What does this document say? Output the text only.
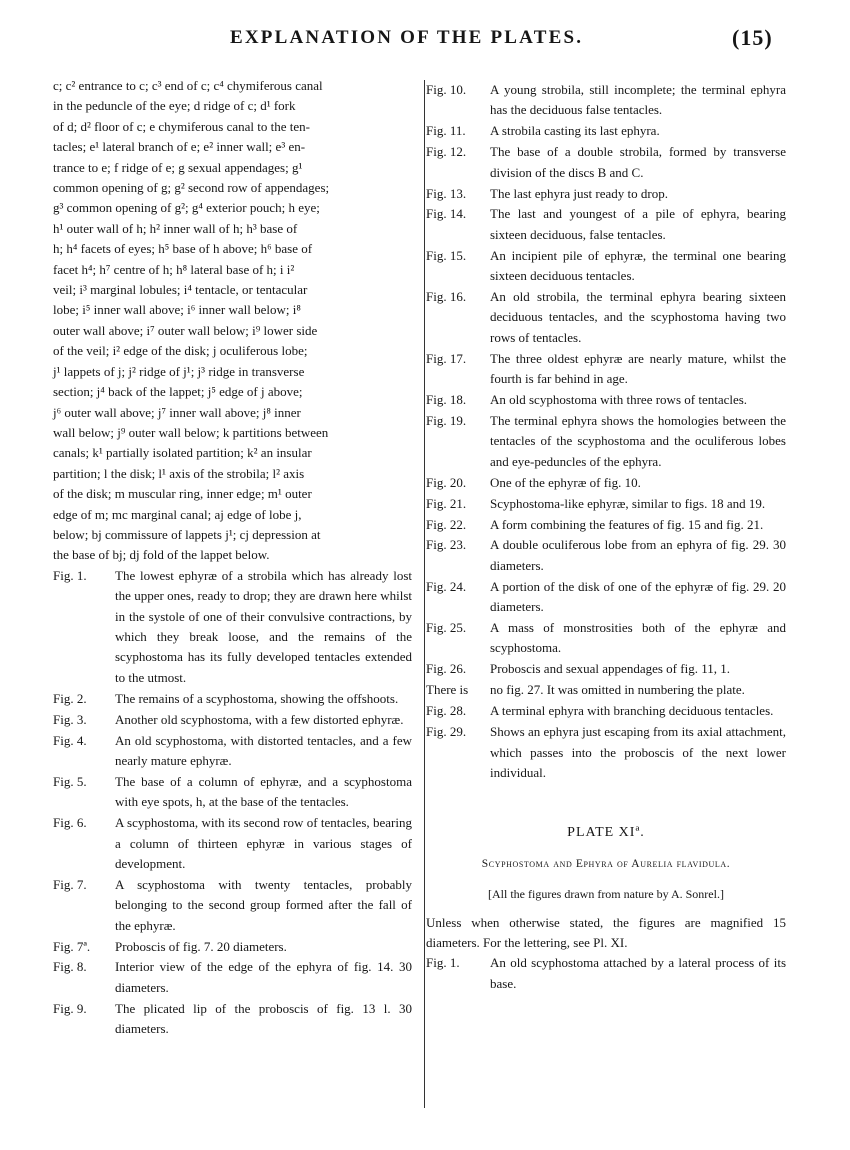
EXPLANATION OF THE PLATES.	(15)
c; c² entrance to c; c³ end of c; c⁴ chymiferous canal
in the peduncle of the eye; d ridge of c; d¹ fork
of d; d² floor of c; e chymiferous canal to the ten-
tacles; e¹ lateral branch of e; e² inner wall; e³ en-
trance to e; f ridge of e; g sexual appendages; g¹
common opening of g; g² second row of appendages;
g³ common opening of g²; g⁴ exterior pouch; h eye;
h¹ outer wall of h; h² inner wall of h; h³ base of
h; h⁴ facets of eyes; h⁵ base of h above; h⁶ base of
facet h⁴; h⁷ centre of h; h⁸ lateral base of h; i i²
veil; i³ marginal lobules; i⁴ tentacle, or tentacular
lobe; i⁵ inner wall above; i⁶ inner wall below; i⁸
outer wall above; i⁷ outer wall below; i⁹ lower side
of the veil; i² edge of the disk; j oculiferous lobe;
j¹ lappets of j; j² ridge of j¹; j³ ridge in transverse
section; j⁴ back of the lappet; j⁵ edge of j above;
j⁶ outer wall above; j⁷ inner wall above; j⁸ inner
wall below; j⁹ outer wall below; k partitions between
canals; k¹ partially isolated partition; k² an insular
partition; l the disk; l¹ axis of the strobila; l² axis
of the disk; m muscular ring, inner edge; m¹ outer
edge of m; mc marginal canal; aj edge of lobe j,
below; bj commissure of lappets j¹; cj depression at
the base of bj; dj fold of the lappet below.
Fig. 1.	The lowest ephyræ of a strobila which has already lost the upper ones, ready to drop; they are drawn here whilst in the systole of one of their convulsive contractions, by which they break loose, and the remains of the scyphostoma has its fully developed tentacles extended to the utmost.
Fig. 2.	The remains of a scyphostoma, showing the offshoots.
Fig. 3.	Another old scyphostoma, with a few distorted ephyræ.
Fig. 4.	An old scyphostoma, with distorted tentacles, and a few nearly mature ephyræ.
Fig. 5.	The base of a column of ephyræ, and a scyphostoma with eye spots, h, at the base of the tentacles.
Fig. 6.	A scyphostoma, with its second row of tentacles, bearing a column of thirteen ephyræ in various stages of development.
Fig. 7.	A scyphostoma with twenty tentacles, probably belonging to the second group formed after the fall of the ephyræ.
Fig. 7ª.	Proboscis of fig. 7. 20 diameters.
Fig. 8.	Interior view of the edge of the ephyra of fig. 14. 30 diameters.
Fig. 9.	The plicated lip of the proboscis of fig. 13 l. 30 diameters.
Fig. 10.	A young strobila, still incomplete; the terminal ephyra has the deciduous false tentacles.
Fig. 11.	A strobila casting its last ephyra.
Fig. 12.	The base of a double strobila, formed by transverse division of the discs B and C.
Fig. 13.	The last ephyra just ready to drop.
Fig. 14.	The last and youngest of a pile of ephyra, bearing sixteen deciduous, false tentacles.
Fig. 15.	An incipient pile of ephyræ, the terminal one bearing sixteen deciduous tentacles.
Fig. 16.	An old strobila, the terminal ephyra bearing sixteen deciduous tentacles, and the scyphostoma having two rows of tentacles.
Fig. 17.	The three oldest ephyræ are nearly mature, whilst the fourth is far behind in age.
Fig. 18.	An old scyphostoma with three rows of tentacles.
Fig. 19.	The terminal ephyra shows the homologies between the tentacles of the scyphostoma and the oculiferous lobes and eye-peduncles of the ephyra.
Fig. 20.	One of the ephyræ of fig. 10.
Fig. 21.	Scyphostoma-like ephyræ, similar to figs. 18 and 19.
Fig. 22.	A form combining the features of fig. 15 and fig. 21.
Fig. 23.	A double oculiferous lobe from an ephyra of fig. 29. 30 diameters.
Fig. 24.	A portion of the disk of one of the ephyræ of fig. 29. 20 diameters.
Fig. 25.	A mass of monstrosities both of the ephyræ and scyphostoma.
Fig. 26.	Proboscis and sexual appendages of fig. 11, 1.
There is	no fig. 27. It was omitted in numbering the plate.
Fig. 28.	A terminal ephyra with branching deciduous tentacles.
Fig. 29.	Shows an ephyra just escaping from its axial attachment, which passes into the proboscis of the next lower individual.
PLATE XIª.
Scyphostoma and Ephyra of Aurelia flavidula.
[All the figures drawn from nature by A. Sonrel.]
Unless when otherwise stated, the figures are magnified 15 diameters. For the lettering, see Pl. XI.
Fig. 1.	An old scyphostoma attached by a lateral process of its base.
